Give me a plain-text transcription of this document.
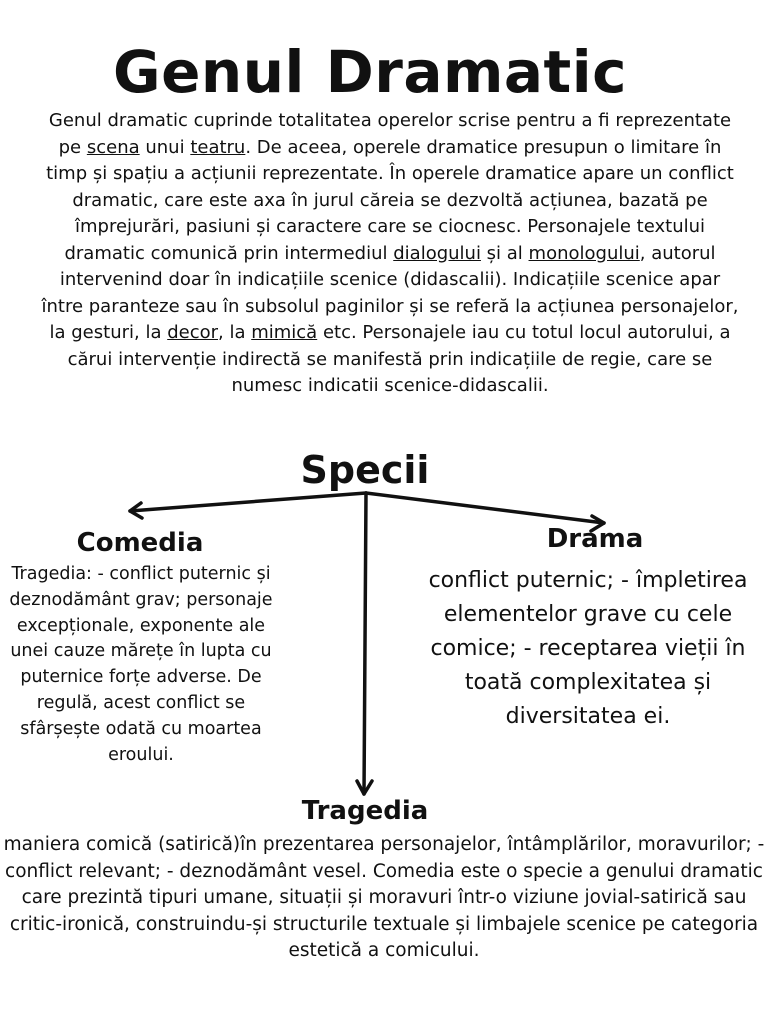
Genul Dramatic
Genul dramatic cuprinde totalitatea operelor scrise pentru a fi reprezentate pe scena unui teatru. De aceea, operele dramatice presupun o limitare în timp și spațiu a acțiunii reprezentate. În operele dramatice apare un conflict dramatic, care este axa în jurul căreia se dezvoltă acțiunea, bazată pe împrejurări, pasiuni și caractere care se ciocnesc. Personajele textului dramatic comunică prin intermediul dialogului și al monologului, autorul intervenind doar în indicațiile scenice (didascalii). Indicațiile scenice apar între paranteze sau în subsolul paginilor și se referă la acțiunea personajelor, la gesturi, la decor, la mimică etc. Personajele iau cu totul locul autorului, a cărui intervenție indirectă se manifestă prin indicațiile de regie, care se numesc indicatii scenice-didascalii.
Specii
Comedia
Tragedia: - conflict puternic și deznodământ grav; personaje excepționale, exponente ale unei cauze mărețe în lupta cu puternice forțe adverse. De regulă, acest conflict se sfârșește odată cu moartea eroului.
Drama
conflict puternic; - împletirea elementelor grave cu cele comice; - receptarea vieții în toată complexitatea și diversitatea ei.
Tragedia
maniera comică (satirică)în prezentarea personajelor, întâmplărilor, moravurilor; - conflict relevant; - deznodământ vesel. Comedia este o specie a genului dramatic care prezintă tipuri umane, situații și moravuri într-o viziune jovial-satirică sau critic-ironică, construindu-și structurile textuale și limbajele scenice pe categoria estetică a comicului.
